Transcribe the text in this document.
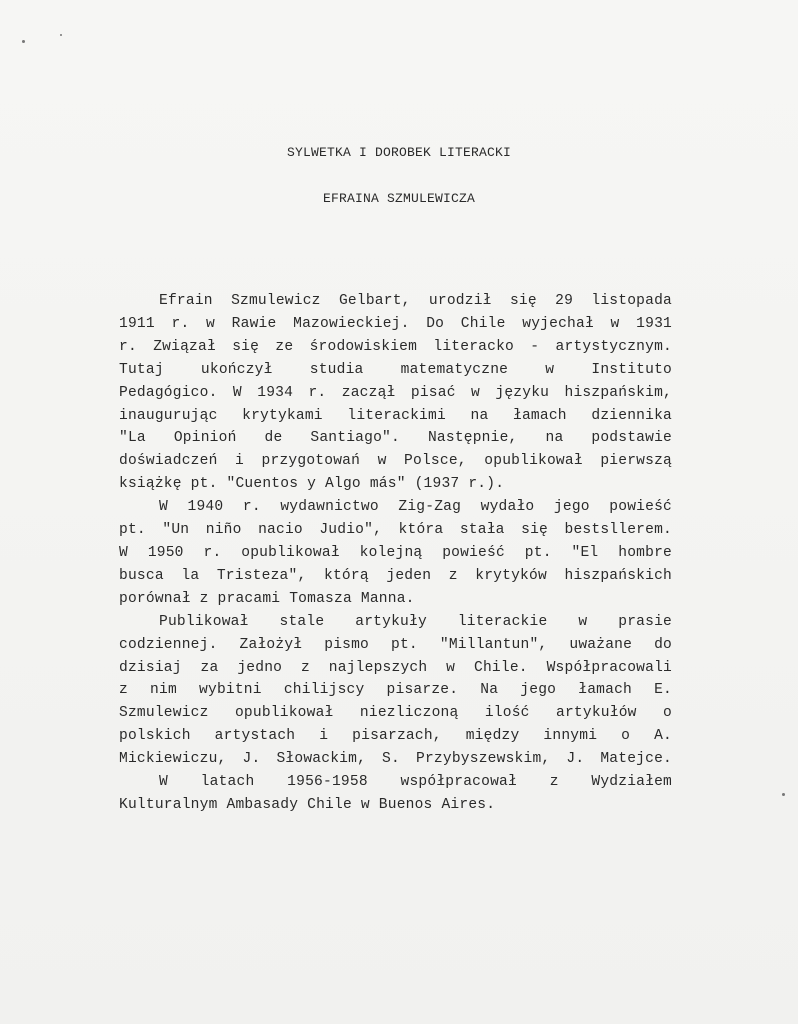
SYLWETKA I DOROBEK LITERACKI
EFRAINA SZMULEWICZA
Efrain Szmulewicz Gelbart, urodził się 29 listopada
1911 r. w Rawie Mazowieckiej. Do Chile wyjechał w 1931
r. Związał się ze środowiskiem literacko - artystycznym.
Tutaj ukończył studia matematyczne w Instituto
Pedagógico. W 1934 r. zaczął pisać w języku hiszpańskim,
inaugurując krytykami literackimi na łamach dziennika
"La Opinioń de Santiago". Następnie, na podstawie
doświadczeń i przygotowań w Polsce, opublikował pierwszą
książkę pt. "Cuentos y Algo más" (1937 r.).
W 1940 r. wydawnictwo Zig-Zag wydało jego powieść
pt. "Un niño nacio Judio", która stała się bestsllerem.
W 1950 r. opublikował kolejną powieść pt. "El hombre
busca la Tristeza", którą jeden z krytyków hiszpańskich
porównał z pracami Tomasza Manna.
Publikował stale artykuły literackie w prasie
codziennej. Założył pismo pt. "Millantun", uważane do
dzisiaj za jedno z najlepszych w Chile. Współpracowali
z nim wybitni chilijscy pisarze. Na jego łamach E.
Szmulewicz opublikował niezliczoną ilość artykułów o
polskich artystach i pisarzach, między innymi o A.
Mickiewiczu, J. Słowackim, S. Przybyszewskim, J. Matejce.
W latach 1956-1958 współpracował z Wydziałem
Kulturalnym Ambasady Chile w Buenos Aires.
